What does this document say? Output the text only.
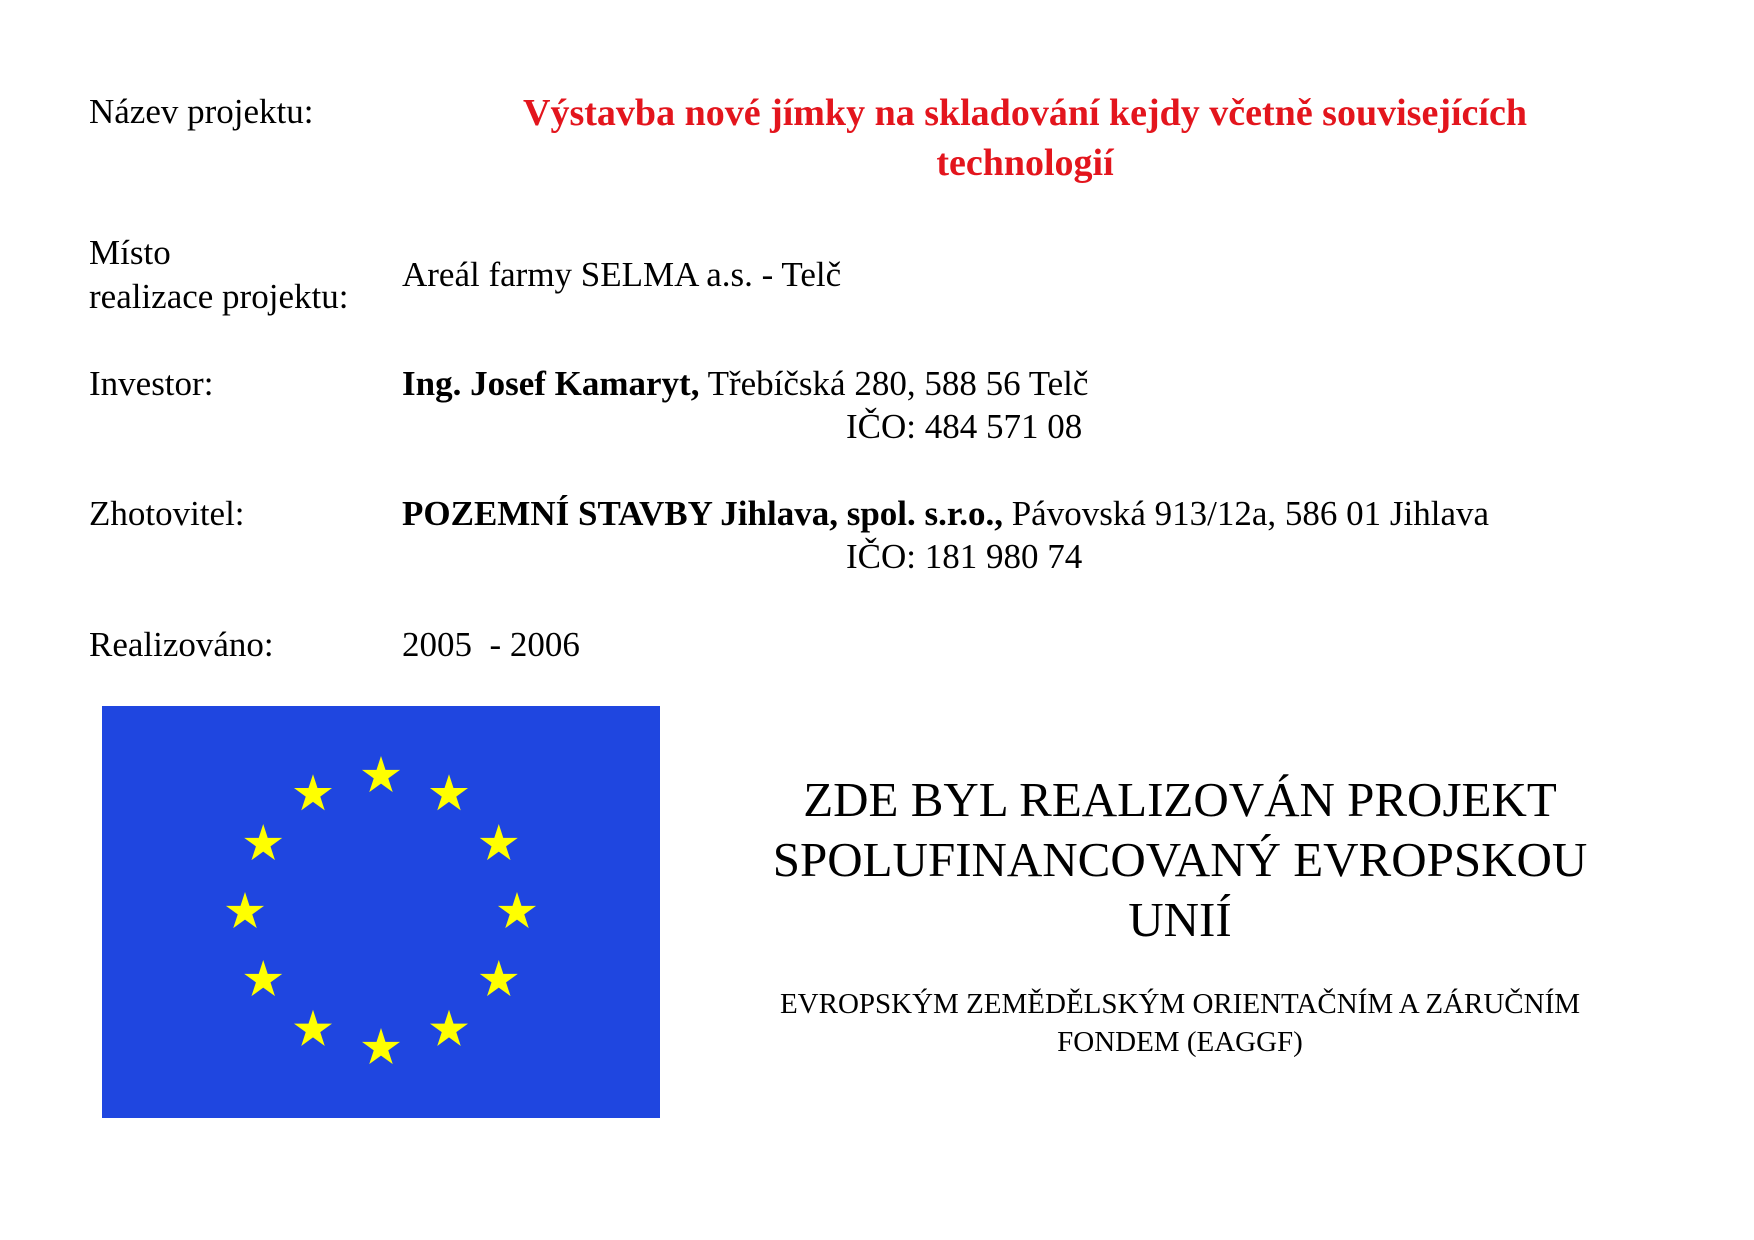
Název projektu:	Výstavba nové jímky na skladování kejdy včetně souvisejících
technologií
Místo
realizace projektu:
Areál farmy SELMA a.s. - Telč
Investor:	Ing. Josef Kamaryt, Třebíčská 280, 588 56 Telč
IČO: 484 571 08
Zhotovitel:	POZEMNÍ STAVBY Jihlava, spol. s.r.o., Pávovská 913/12a, 586 01 Jihlava
IČO: 181 980 74
Realizováno:	2005  - 2006
ZDE BYL REALIZOVÁN PROJEKT
SPOLUFINANCOVANÝ EVROPSKOU
UNIÍ
EVROPSKÝM ZEMĚDĚLSKÝM ORIENTAČNÍM A ZÁRUČNÍM
FONDEM (EAGGF)
